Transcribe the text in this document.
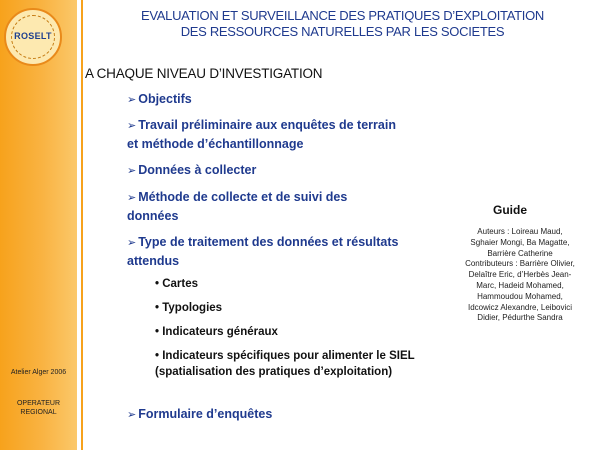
ROSELT
Atelier Alger 2006
OPERATEUR
REGIONAL
EVALUATION ET SURVEILLANCE DES PRATIQUES D’EXPLOITATION
DES RESSOURCES NATURELLES PAR LES SOCIETES
A CHAQUE NIVEAU D’INVESTIGATION
➢ Objectifs
➢ Travail préliminaire aux enquêtes de terrain et méthode d’échantillonnage
➢ Données à collecter
➢ Méthode de collecte et de suivi des données
➢ Type de traitement des données et résultats attendus
• Cartes
• Typologies
• Indicateurs généraux
• Indicateurs spécifiques pour alimenter le SIEL (spatialisation des pratiques d’exploitation)
➢ Formulaire d’enquêtes
Guide
Auteurs : Loireau Maud,
Sghaier Mongi, Ba Magatte,
Barrière Catherine
Contributeurs : Barrière Olivier,
Delaître Eric, d’Herbès Jean-
Marc, Hadeid Mohamed,
Hammoudou Mohamed,
Idcowicz Alexandre, Leibovici
Didier, Pédurthe Sandra
